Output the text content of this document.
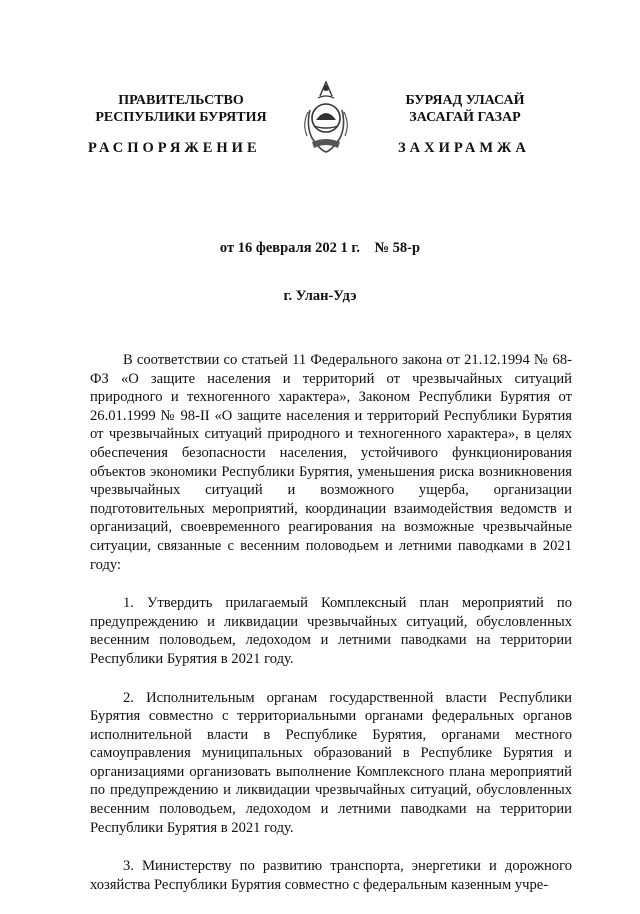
ПРАВИТЕЛЬСТВО
РЕСПУБЛИКИ БУРЯТИЯ
РАСПОРЯЖЕНИЕ
БУРЯАД УЛАСАЙ
ЗАСАГАЙ ГАЗАР
ЗАХИРАМЖА
от 16 февраля 202 1 г.    № 58-р
г. Улан-Удэ

В соответствии со статьей 11 Федерального закона от 21.12.1994 № 68-ФЗ «О защите населения и территорий от чрезвычайных ситуаций природного и техногенного характера», Законом Республики Бурятия от 26.01.1999 № 98-II «О защите населения и территорий Республики Бурятия от чрезвычайных ситуаций природного и техногенного характера», в целях обеспечения безопасности населения, устойчивого функционирования объектов экономики Республики Бурятия, уменьшения риска возникновения чрезвычайных ситуаций и возможного ущерба, организации подготовительных мероприятий, координации взаимодействия ведомств и организаций, своевременного реагирования на возможные чрезвычайные ситуации, связанные с весенним половодьем и летними паводками в 2021 году:

1. Утвердить прилагаемый Комплексный план мероприятий по предупреждению и ликвидации чрезвычайных ситуаций, обусловленных весенним половодьем, ледоходом и летними паводками на территории Республики Бурятия в 2021 году.

2. Исполнительным органам государственной власти Республики Бурятия совместно с территориальными органами федеральных органов исполнительной власти в Республике Бурятия, органами местного самоуправления муниципальных образований в Республике Бурятия и организациями организовать выполнение Комплексного плана мероприятий по предупреждению и ликвидации чрезвычайных ситуаций, обусловленных весенним половодьем, ледоходом и летними паводками на территории Республики Бурятия в 2021 году.

3. Министерству по развитию транспорта, энергетики и дорожного хозяйства Республики Бурятия совместно с федеральным казенным учре-
